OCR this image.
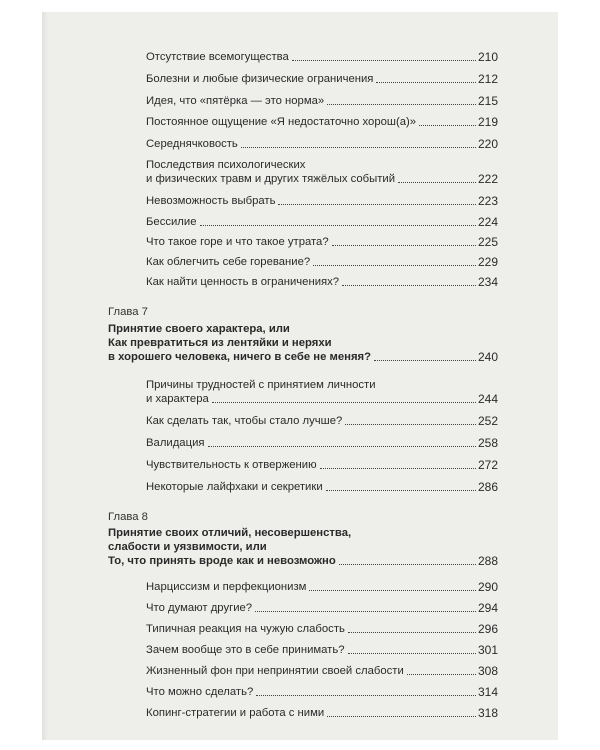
Отсутствие всемогущества	210
Болезни и любые физические ограничения	212
Идея, что «пятёрка — это норма»	215
Постоянное ощущение «Я недостаточно хорош(а)»	219
Середнячковость	220
Последствия психологических
и физических травм и других тяжёлых событий	222
Невозможность выбрать	223
Бессилие	224
Что такое горе и что такое утрата?	225
Как облегчить себе горевание?	229
Как найти ценность в ограничениях?	234
Глава 7
Принятие своего характера, или
Как превратиться из лентяйки и неряхи
в хорошего человека, ничего в себе не меняя?	240
Причины трудностей с принятием личности
и характера	244
Как сделать так, чтобы стало лучше?	252
Валидация	258
Чувствительность к отвержению	272
Некоторые лайфхаки и секретики	286
Глава 8
Принятие своих отличий, несовершенства,
слабости и уязвимости, или
То, что принять вроде как и невозможно	288
Нарциссизм и перфекционизм	290
Что думают другие?	294
Типичная реакция на чужую слабость	296
Зачем вообще это в себе принимать?	301
Жизненный фон при непринятии своей слабости	308
Что можно сделать?	314
Копинг-стратегии и работа с ними	318
